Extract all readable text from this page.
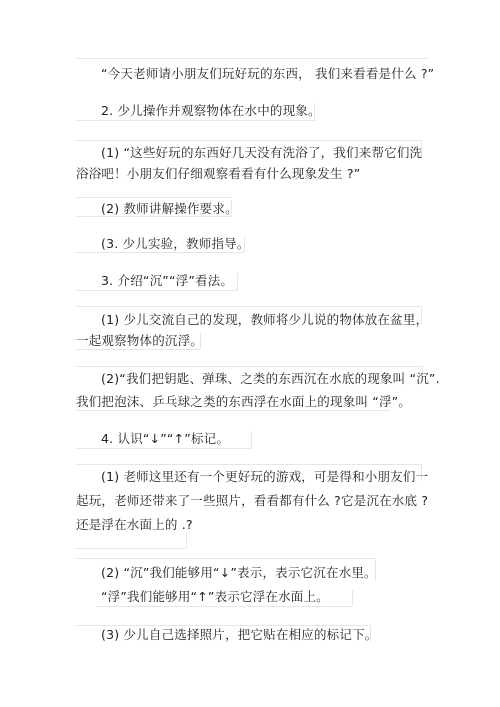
“今天老师请小朋友们玩好玩的东西， 我们来看看是什么 ?”
2. 少儿操作并观察物体在水中的现象。
(1) “这些好玩的东西好几天没有洗浴了，我们来帮它们洗
浴浴吧！小朋友们仔细观察看看有什么现象发生 ?”
(2) 教师讲解操作要求。
(3. 少儿实验，教师指导。
3. 介绍“沉”“浮”看法。
(1) 少儿交流自己的发现，教师将少儿说的物体放在盆里，
一起观察物体的沉浮。
(2)“我们把钥匙、弹珠、之类的东西沉在水底的现象叫 “沉”.
我们把泡沫、乒乓球之类的东西浮在水面上的现象叫 “浮”。
4. 认识“↓”“↑”标记。
(1) 老师这里还有一个更好玩的游戏，可是得和小朋友们一
起玩，老师还带来了一些照片，看看都有什么 ?它是沉在水底 ?
还是浮在水面上的 .?
(2) “沉”我们能够用“↓”表示，表示它沉在水里。
“浮”我们能够用“↑”表示它浮在水面上。
(3) 少儿自己选择照片，把它贴在相应的标记下。
